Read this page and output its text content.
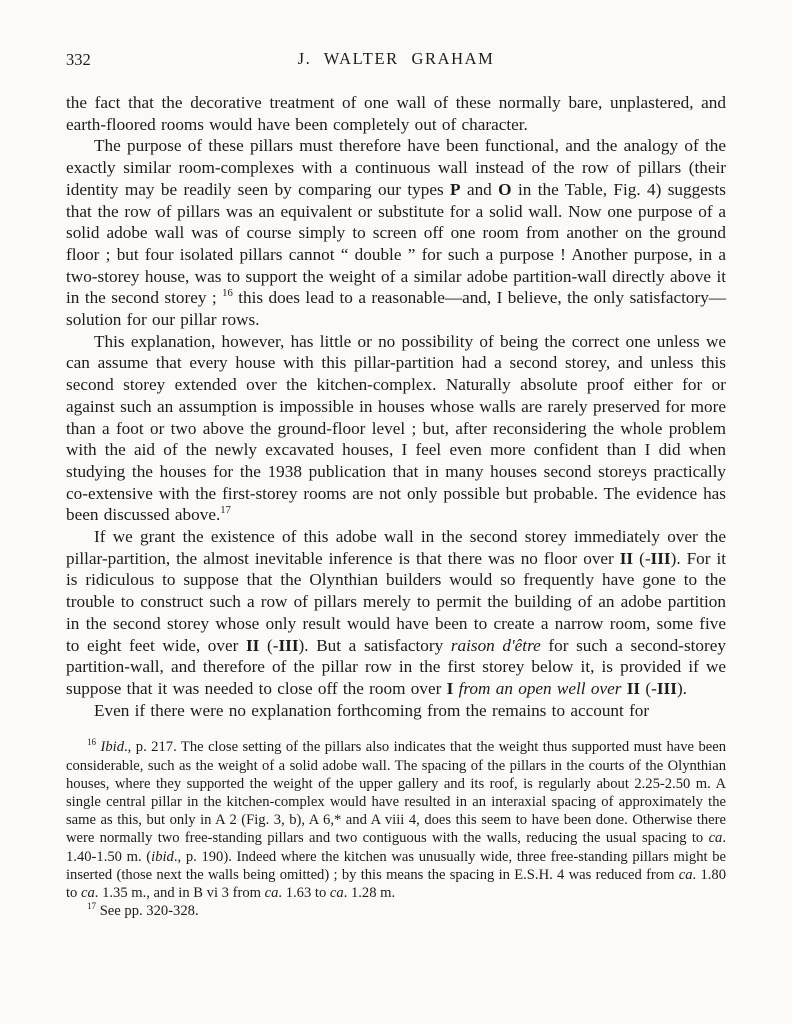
332	J. WALTER GRAHAM

the fact that the decorative treatment of one wall of these normally bare, unplastered, and earth-floored rooms would have been completely out of character.

The purpose of these pillars must therefore have been functional, and the analogy of the exactly similar room-complexes with a continuous wall instead of the row of pillars (their identity may be readily seen by comparing our types P and O in the Table, Fig. 4) suggests that the row of pillars was an equivalent or substitute for a solid wall. Now one purpose of a solid adobe wall was of course simply to screen off one room from another on the ground floor ; but four isolated pillars cannot “ double ” for such a purpose ! Another purpose, in a two-storey house, was to support the weight of a similar adobe partition-wall directly above it in the second storey ; $^{16}$ this does lead to a reasonable—and, I believe, the only satisfactory—solution for our pillar rows.

This explanation, however, has little or no possibility of being the correct one unless we can assume that every house with this pillar-partition had a second storey, and unless this second storey extended over the kitchen-complex. Naturally absolute proof either for or against such an assumption is impossible in houses whose walls are rarely preserved for more than a foot or two above the ground-floor level ; but, after reconsidering the whole problem with the aid of the newly excavated houses, I feel even more confident than I did when studying the houses for the 1938 publication that in many houses second storeys practically co-extensive with the first-storey rooms are not only possible but probable. The evidence has been discussed above.$^{17}$

If we grant the existence of this adobe wall in the second storey immediately over the pillar-partition, the almost inevitable inference is that there was no floor over II (-III). For it is ridiculous to suppose that the Olynthian builders would so frequently have gone to the trouble to construct such a row of pillars merely to permit the building of an adobe partition in the second storey whose only result would have been to create a narrow room, some five to eight feet wide, over II (-III). But a satisfactory raison d'être for such a second-storey partition-wall, and therefore of the pillar row in the first storey below it, is provided if we suppose that it was needed to close off the room over I from an open well over II (-III).

Even if there were no explanation forthcoming from the remains to account for

$^{16}$ Ibid., p. 217. The close setting of the pillars also indicates that the weight thus supported must have been considerable, such as the weight of a solid adobe wall. The spacing of the pillars in the courts of the Olynthian houses, where they supported the weight of the upper gallery and its roof, is regularly about 2.25-2.50 m. A single central pillar in the kitchen-complex would have resulted in an interaxial spacing of approximately the same as this, but only in A 2 (Fig. 3, b), A 6,* and A viii 4, does this seem to have been done. Otherwise there were normally two free-standing pillars and two contiguous with the walls, reducing the usual spacing to ca. 1.40-1.50 m. (ibid., p. 190). Indeed where the kitchen was unusually wide, three free-standing pillars might be inserted (those next the walls being omitted) ; by this means the spacing in E.S.H. 4 was reduced from ca. 1.80 to ca. 1.35 m., and in B vi 3 from ca. 1.63 to ca. 1.28 m.

$^{17}$ See pp. 320-328.
